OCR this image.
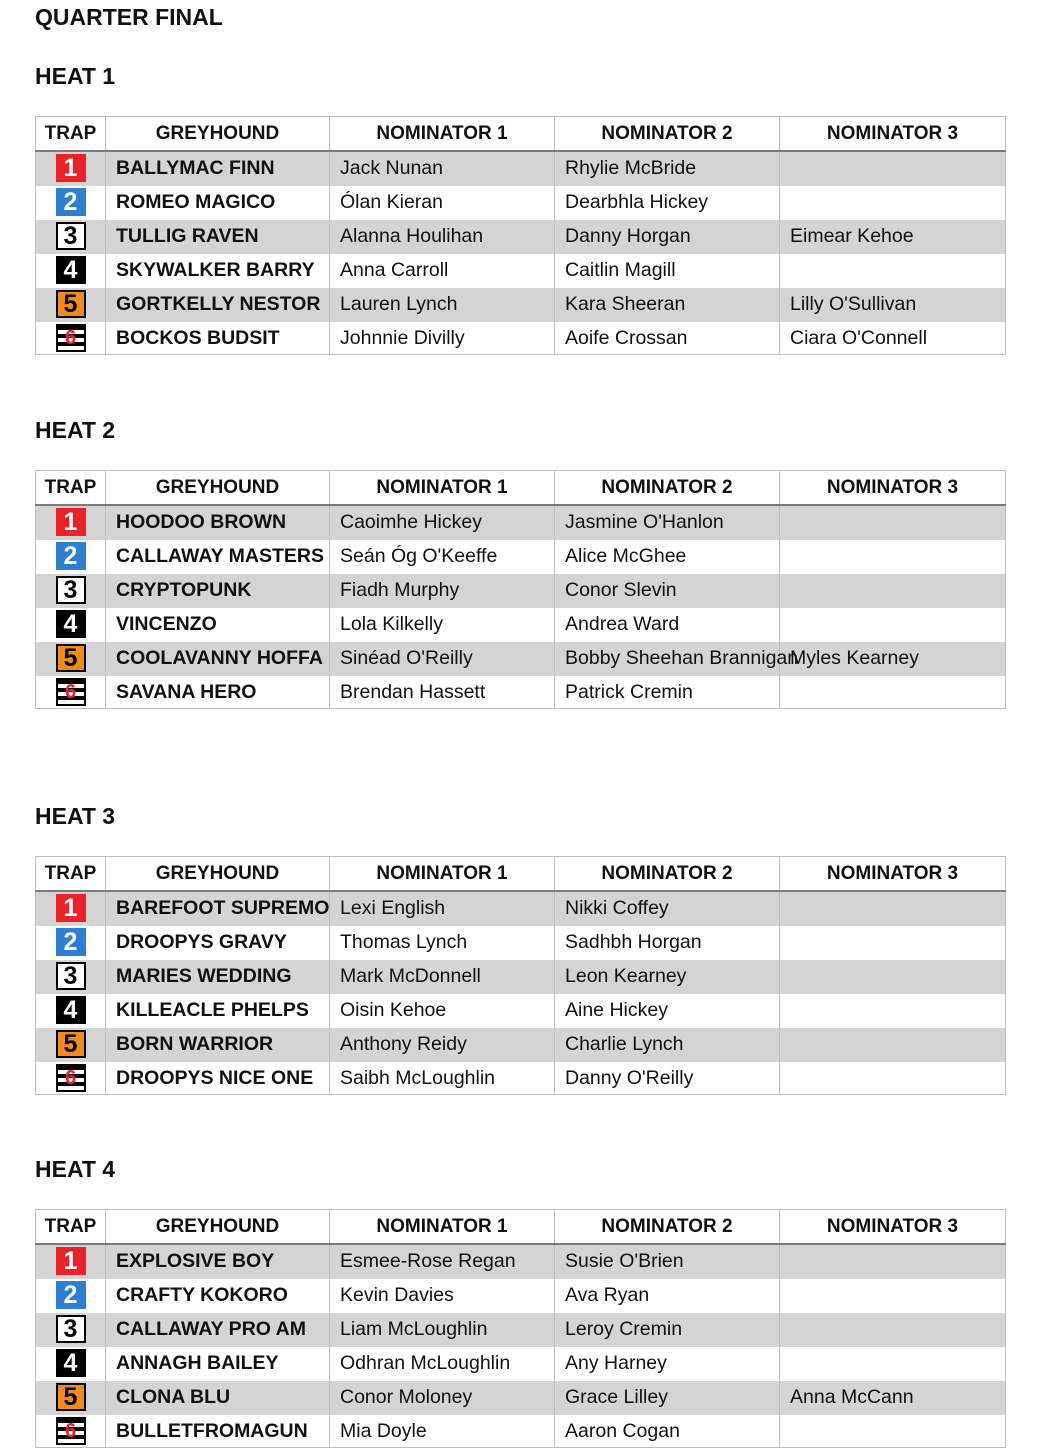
QUARTER FINAL
HEAT 1
TRAP	GREYHOUND	NOMINATOR 1	NOMINATOR 2	NOMINATOR 3
1	BALLYMAC FINN	Jack Nunan	Rhylie McBride	
2	ROMEO MAGICO	Ólan Kieran	Dearbhla Hickey	
3	TULLIG RAVEN	Alanna Houlihan	Danny Horgan	Eimear Kehoe
4	SKYWALKER BARRY	Anna Carroll	Caitlin Magill	
5	GORTKELLY NESTOR	Lauren Lynch	Kara Sheeran	Lilly O'Sullivan
6	BOCKOS BUDSIT	Johnnie Divilly	Aoife Crossan	Ciara O'Connell
HEAT 2
TRAP	GREYHOUND	NOMINATOR 1	NOMINATOR 2	NOMINATOR 3
1	HOODOO BROWN	Caoimhe Hickey	Jasmine O'Hanlon	
2	CALLAWAY MASTERS	Seán Óg O'Keeffe	Alice McGhee	
3	CRYPTOPUNK	Fiadh Murphy	Conor Slevin	
4	VINCENZO	Lola Kilkelly	Andrea Ward	
5	COOLAVANNY HOFFA	Sinéad O'Reilly	Bobby Sheehan Brannigan	Myles Kearney
6	SAVANA HERO	Brendan Hassett	Patrick Cremin	
HEAT 3
TRAP	GREYHOUND	NOMINATOR 1	NOMINATOR 2	NOMINATOR 3
1	BAREFOOT SUPREMO	Lexi English	Nikki Coffey	
2	DROOPYS GRAVY	Thomas Lynch	Sadhbh Horgan	
3	MARIES WEDDING	Mark McDonnell	Leon Kearney	
4	KILLEACLE PHELPS	Oisin Kehoe	Aine Hickey	
5	BORN WARRIOR	Anthony Reidy	Charlie Lynch	
6	DROOPYS NICE ONE	Saibh McLoughlin	Danny O'Reilly	
HEAT 4
TRAP	GREYHOUND	NOMINATOR 1	NOMINATOR 2	NOMINATOR 3
1	EXPLOSIVE BOY	Esmee-Rose Regan	Susie O'Brien	
2	CRAFTY KOKORO	Kevin Davies	Ava Ryan	
3	CALLAWAY PRO AM	Liam McLoughlin	Leroy Cremin	
4	ANNAGH BAILEY	Odhran McLoughlin	Any Harney	
5	CLONA BLU	Conor Moloney	Grace Lilley	Anna McCann
6	BULLETFROMAGUN	Mia Doyle	Aaron Cogan	
